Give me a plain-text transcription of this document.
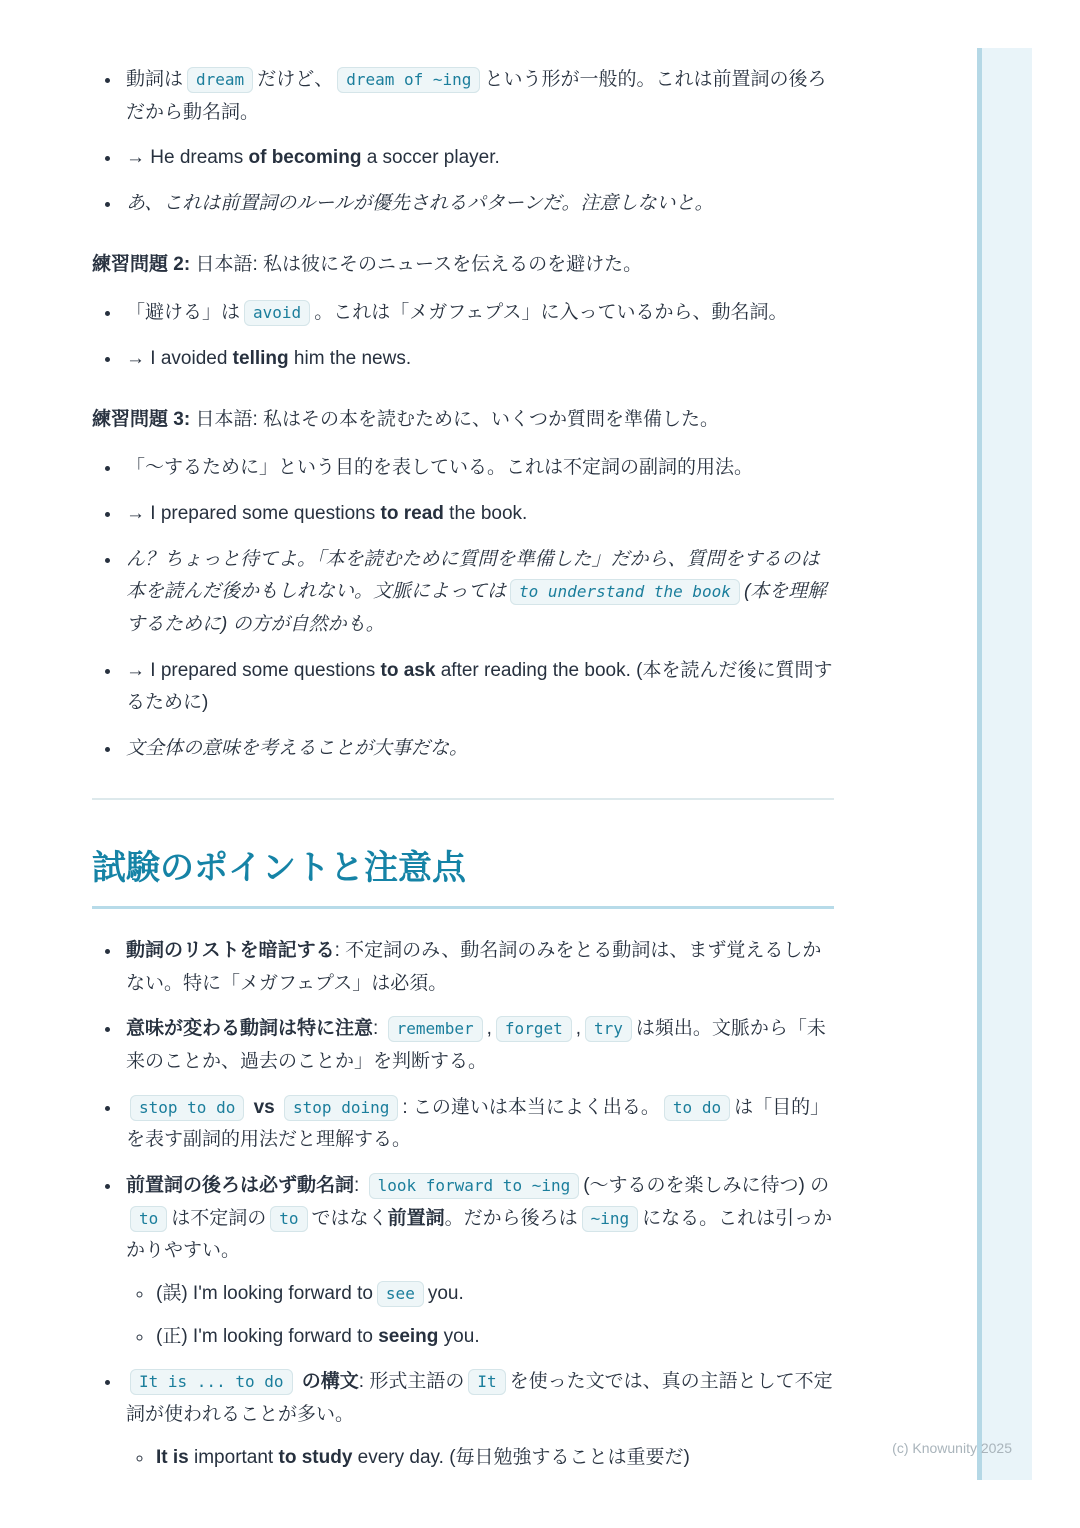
• 動詞は dream だけど、 dream of ~ing という形が一般的。これは前置詞の後ろだから動名詞。
• → He dreams of becoming a soccer player.
• あ、これは前置詞のルールが優先されるパターンだ。注意しないと。

練習問題 2: 日本語: 私は彼にそのニュースを伝えるのを避けた。

• 「避ける」は avoid 。これは「メガフェプス」に入っているから、動名詞。
• → I avoided telling him the news.

練習問題 3: 日本語: 私はその本を読むために、いくつか質問を準備した。

• 「〜するために」という目的を表している。これは不定詞の副詞的用法。
• → I prepared some questions to read the book.
• ん？ちょっと待てよ。「本を読むために質問を準備した」だから、質問をするのは本を読んだ後かもしれない。文脈によっては to understand the book (本を理解するために) の方が自然かも。
• → I prepared some questions to ask after reading the book. (本を読んだ後に質問するために)
• 文全体の意味を考えることが大事だな。
試験のポイントと注意点
• 動詞のリストを暗記する: 不定詞のみ、動名詞のみをとる動詞は、まず覚えるしかない。特に「メガフェプス」は必須。
• 意味が変わる動詞は特に注意: remember , forget , try は頻出。文脈から「未来のことか、過去のことか」を判断する。
• stop to do vs stop doing : この違いは本当によく出る。 to do は「目的」を表す副詞的用法だと理解する。
• 前置詞の後ろは必ず動名詞: look forward to ~ing (〜するのを楽しみに待つ) のto は不定詞の to ではなく前置詞。だから後ろは ~ing になる。これは引っかかりやすい。
◦ (誤) I'm looking forward to see you.
◦ (正) I'm looking forward to seeing you.
• It is ... to do の構文: 形式主語の It を使った文では、真の主語として不定詞が使われることが多い。
◦ It is important to study every day. (毎日勉強することは重要だ)	(c) Knowunity 2025
